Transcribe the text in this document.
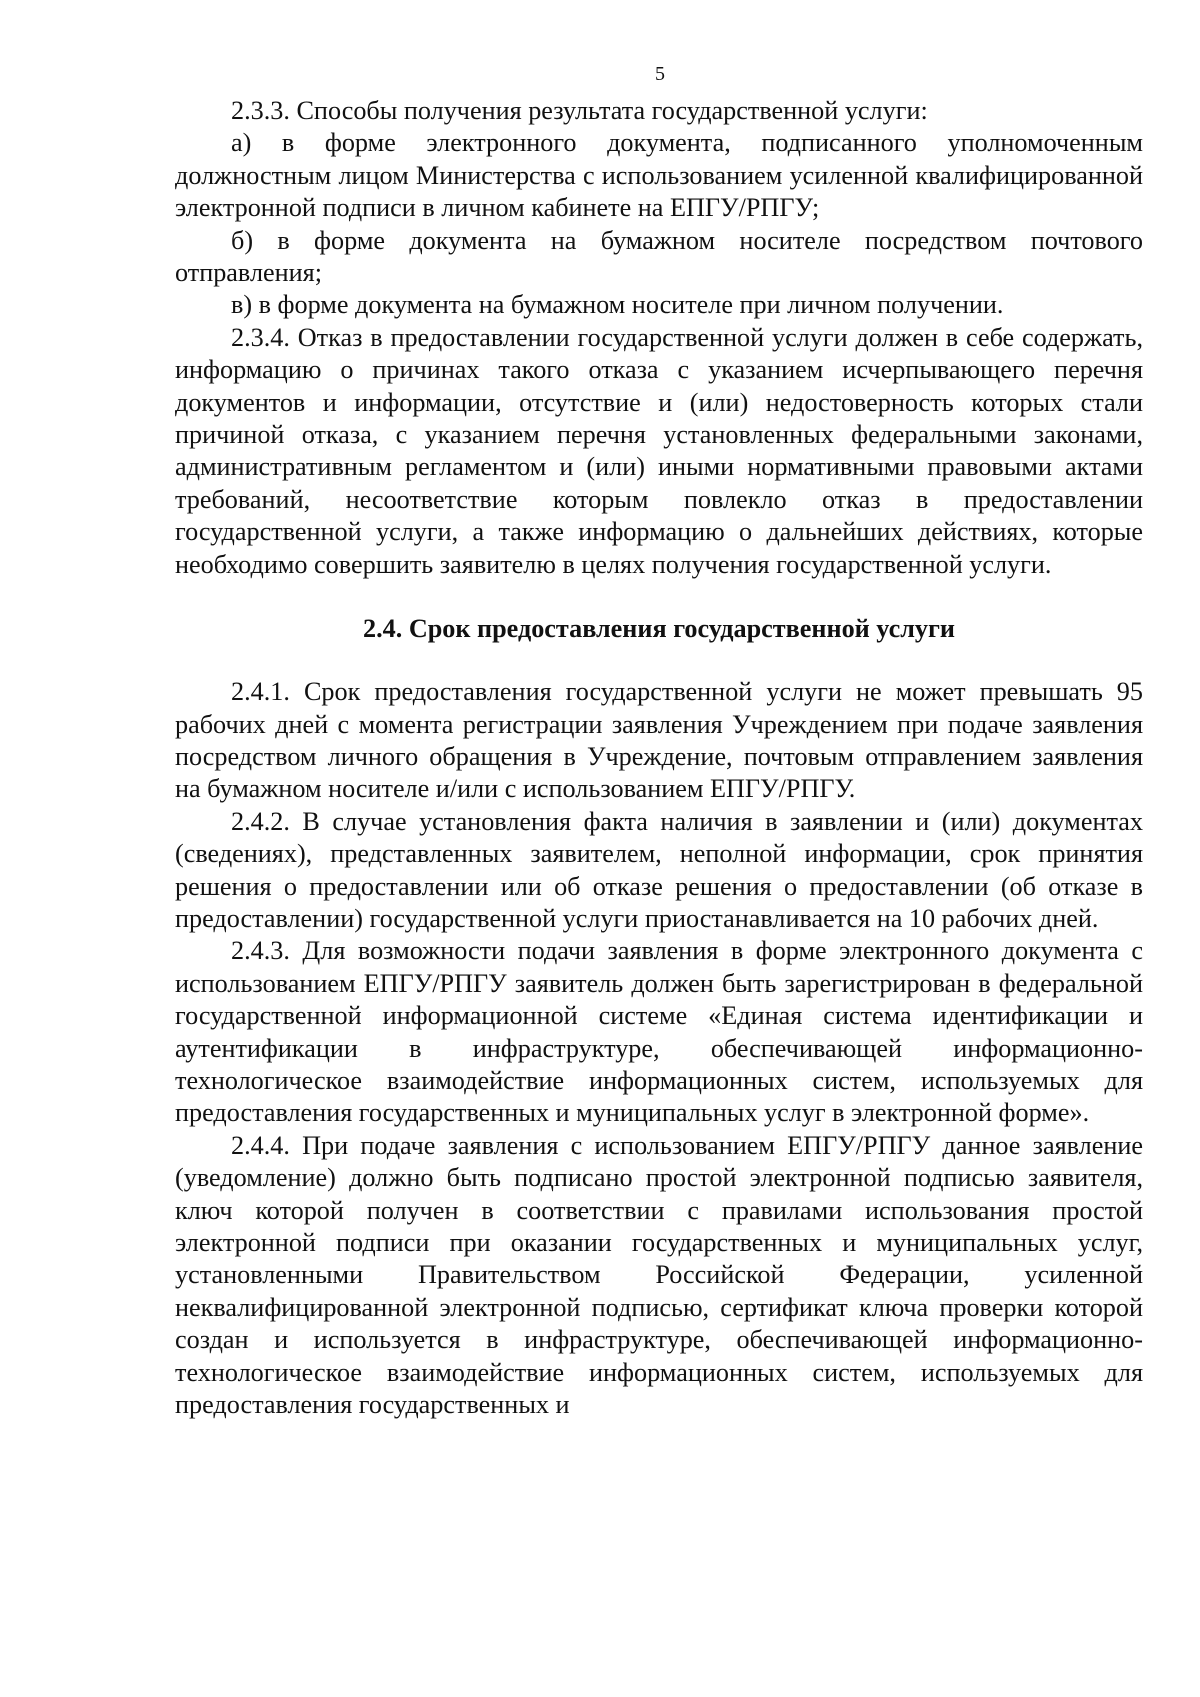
5

2.3.3. Способы получения результата государственной услуги:

а) в форме электронного документа, подписанного уполномоченным должностным лицом Министерства с использованием усиленной квалифицированной электронной подписи в личном кабинете на ЕПГУ/РПГУ;

б) в форме документа на бумажном носителе посредством почтового отправления;

в) в форме документа на бумажном носителе при личном получении.

2.3.4. Отказ в предоставлении государственной услуги должен в себе содержать, информацию о причинах такого отказа с указанием исчерпывающего перечня документов и информации, отсутствие и (или) недостоверность которых стали причиной отказа, с указанием перечня установленных федеральными законами, административным регламентом и (или) иными нормативными правовыми актами требований, несоответствие которым повлекло отказ в предоставлении государственной услуги, а также информацию о дальнейших действиях, которые необходимо совершить заявителю в целях получения государственной услуги.

2.4. Срок предоставления государственной услуги

2.4.1. Срок предоставления государственной услуги не может превышать 95 рабочих дней с момента регистрации заявления Учреждением при подаче заявления посредством личного обращения в Учреждение, почтовым отправлением заявления на бумажном носителе и/или с использованием ЕПГУ/РПГУ.

2.4.2. В случае установления факта наличия в заявлении и (или) документах (сведениях), представленных заявителем, неполной информации, срок принятия решения о предоставлении или об отказе решения о предоставлении (об отказе в предоставлении) государственной услуги приостанавливается на 10 рабочих дней.

2.4.3. Для возможности подачи заявления в форме электронного документа с использованием ЕПГУ/РПГУ заявитель должен быть зарегистрирован в федеральной государственной информационной системе «Единая система идентификации и аутентификации в инфраструктуре, обеспечивающей информационно-технологическое взаимодействие информационных систем, используемых для предоставления государственных и муниципальных услуг в электронной форме».

2.4.4. При подаче заявления с использованием ЕПГУ/РПГУ данное заявление (уведомление) должно быть подписано простой электронной подписью заявителя, ключ которой получен в соответствии с правилами использования простой электронной подписи при оказании государственных и муниципальных услуг, установленными Правительством Российской Федерации, усиленной неквалифицированной электронной подписью, сертификат ключа проверки которой создан и используется в инфраструктуре, обеспечивающей информационно-технологическое взаимодействие информационных систем, используемых для предоставления государственных и
